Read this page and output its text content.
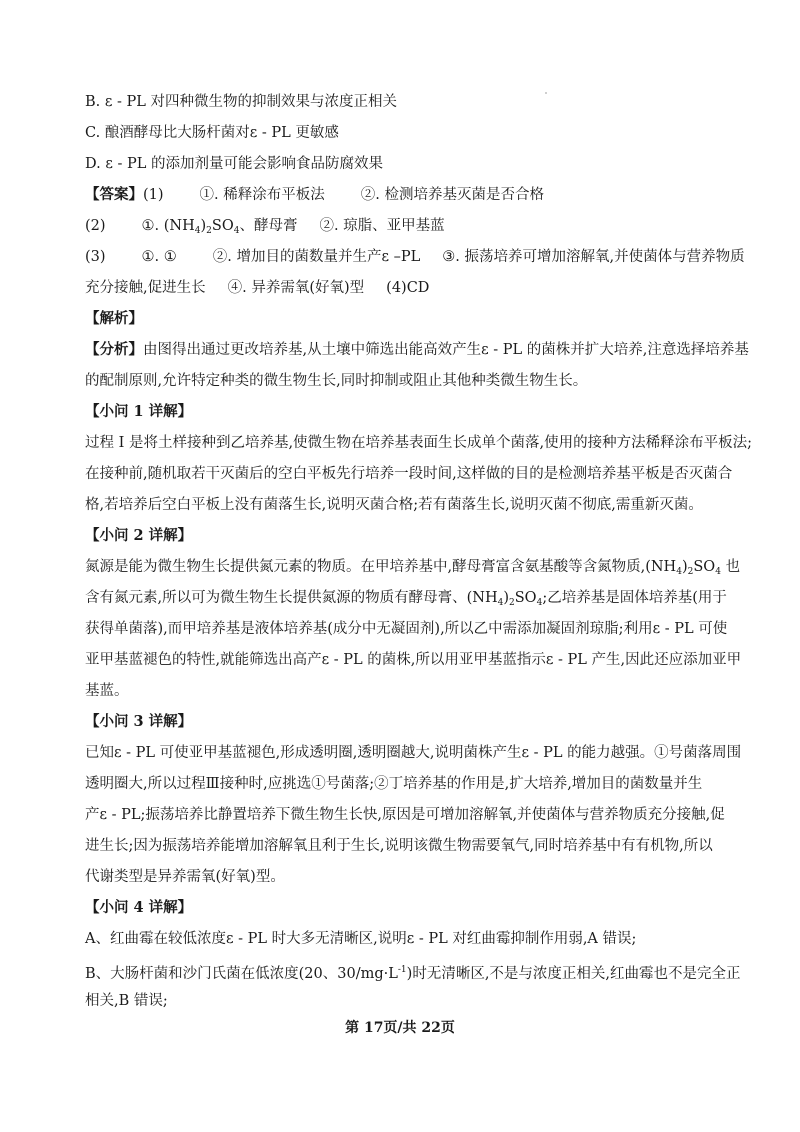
B. ε - PL 对四种微生物的抑制效果与浓度正相关
C. 酿酒酵母比大肠杆菌对ε - PL 更敏感
D. ε - PL 的添加剂量可能会影响食品防腐效果
【答案】(1) ①. 稀释涂布平板法 ②. 检测培养基灭菌是否合格
(2) ①. $(NH_4)_2SO_4$、酵母膏 ②. 琼脂、亚甲基蓝
(3) ①. ① ②. 增加目的菌数量并生产ε –PL ③. 振荡培养可增加溶解氧,并使菌体与营养物质
充分接触,促进生长 ④. 异养需氧(好氧)型 (4)CD
【解析】
【分析】由图得出通过更改培养基,从土壤中筛选出能高效产生ε - PL 的菌株并扩大培养,注意选择培养基
的配制原则,允许特定种类的微生物生长,同时抑制或阻止其他种类微生物生长。
【小问 1 详解】
过程 I 是将土样接种到乙培养基,使微生物在培养基表面生长成单个菌落,使用的接种方法稀释涂布平板法;
在接种前,随机取若干灭菌后的空白平板先行培养一段时间,这样做的目的是检测培养基平板是否灭菌合
格,若培养后空白平板上没有菌落生长,说明灭菌合格;若有菌落生长,说明灭菌不彻底,需重新灭菌。
【小问 2 详解】
氮源是能为微生物生长提供氮元素的物质。在甲培养基中,酵母膏富含氨基酸等含氮物质$,(NH_4)_2SO_4$ 也
含有氮元素,所以可为微生物生长提供氮源的物质有酵母膏、$(NH_4)_2SO_4$;乙培养基是固体培养基(用于
获得单菌落),而甲培养基是液体培养基(成分中无凝固剂),所以乙中需添加凝固剂琼脂;利用ε - PL 可使
亚甲基蓝褪色的特性,就能筛选出高产ε - PL 的菌株,所以用亚甲基蓝指示ε - PL 产生,因此还应添加亚甲
基蓝。
【小问 3 详解】
已知ε - PL 可使亚甲基蓝褪色,形成透明圈,透明圈越大,说明菌株产生ε - PL 的能力越强。①号菌落周围
透明圈大,所以过程Ⅲ接种时,应挑选①号菌落;②丁培养基的作用是,扩大培养,增加目的菌数量并生
产ε - PL;振荡培养比静置培养下微生物生长快,原因是可增加溶解氧,并使菌体与营养物质充分接触,促
进生长;因为振荡培养能增加溶解氧且利于生长,说明该微生物需要氧气,同时培养基中有有机物,所以
代谢类型是异养需氧(好氧)型。
【小问 4 详解】
A、红曲霉在较低浓度ε - PL 时大多无清晰区,说明ε - PL 对红曲霉抑制作用弱,A 错误;
B、大肠杆菌和沙门氏菌在低浓度(20、$30/mg\cdot L^{-1}$)时无清晰区,不是与浓度正相关,红曲霉也不是完全正
相关,B 错误;
第 17页/共 22页
